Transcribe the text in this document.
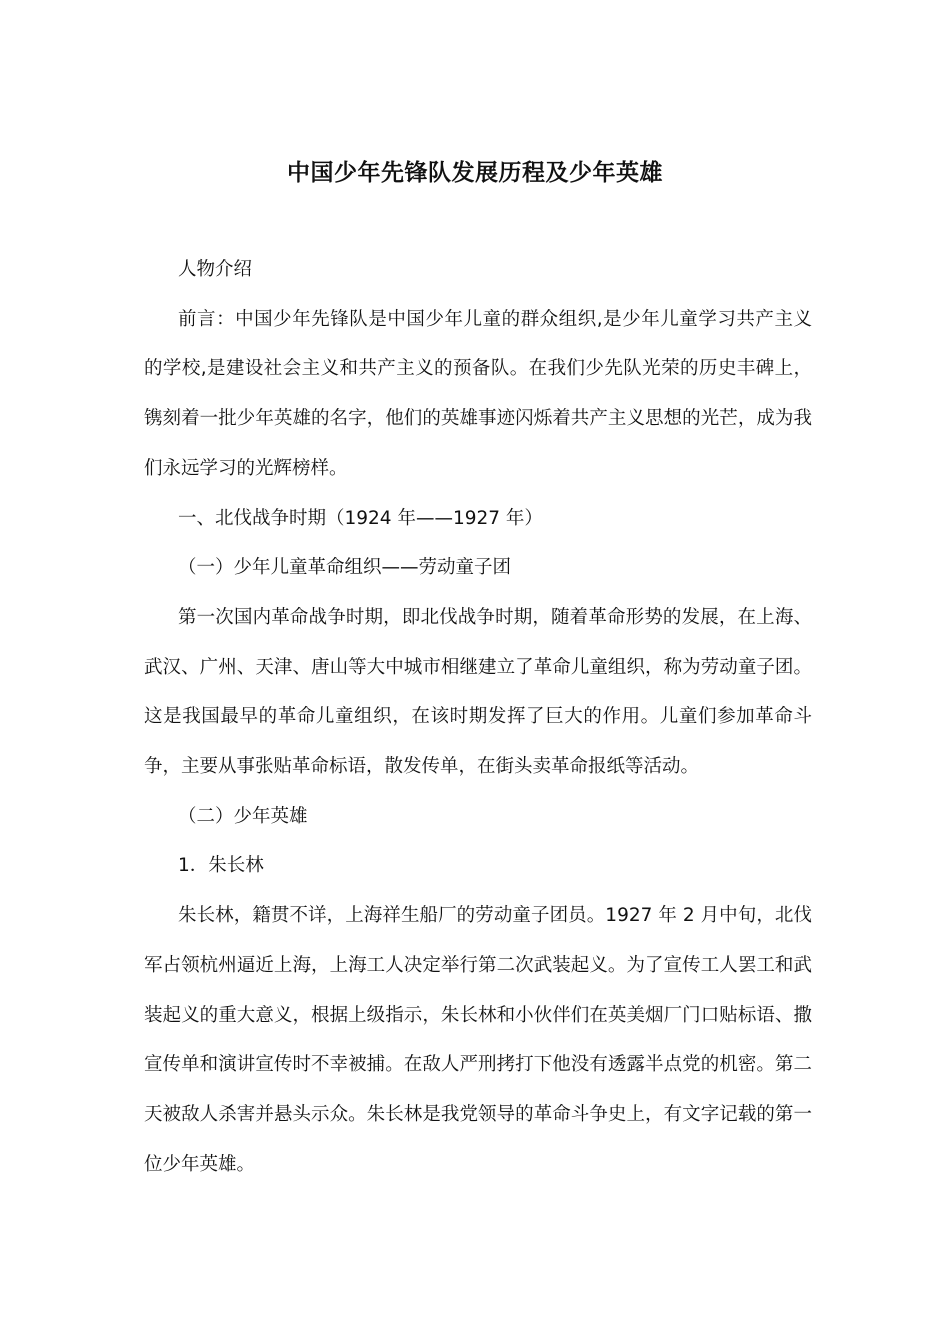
中国少年先锋队发展历程及少年英雄

人物介绍

前言：中国少年先锋队是中国少年儿童的群众组织,是少年儿童学习共产主义的学校,是建设社会主义和共产主义的预备队。在我们少先队光荣的历史丰碑上，镌刻着一批少年英雄的名字，他们的英雄事迹闪烁着共产主义思想的光芒，成为我们永远学习的光辉榜样。

一、北伐战争时期（1924 年——1927 年）

（一）少年儿童革命组织——劳动童子团

第一次国内革命战争时期，即北伐战争时期，随着革命形势的发展，在上海、武汉、广州、天津、唐山等大中城市相继建立了革命儿童组织，称为劳动童子团。这是我国最早的革命儿童组织，在该时期发挥了巨大的作用。儿童们参加革命斗争，主要从事张贴革命标语，散发传单，在街头卖革命报纸等活动。

（二）少年英雄

1．朱长林

朱长林，籍贯不详，上海祥生船厂的劳动童子团员。1927 年 2 月中旬，北伐军占领杭州逼近上海，上海工人决定举行第二次武装起义。为了宣传工人罢工和武装起义的重大意义，根据上级指示，朱长林和小伙伴们在英美烟厂门口贴标语、撒宣传单和演讲宣传时不幸被捕。在敌人严刑拷打下他没有透露半点党的机密。第二天被敌人杀害并悬头示众。朱长林是我党领导的革命斗争史上，有文字记载的第一位少年英雄。
